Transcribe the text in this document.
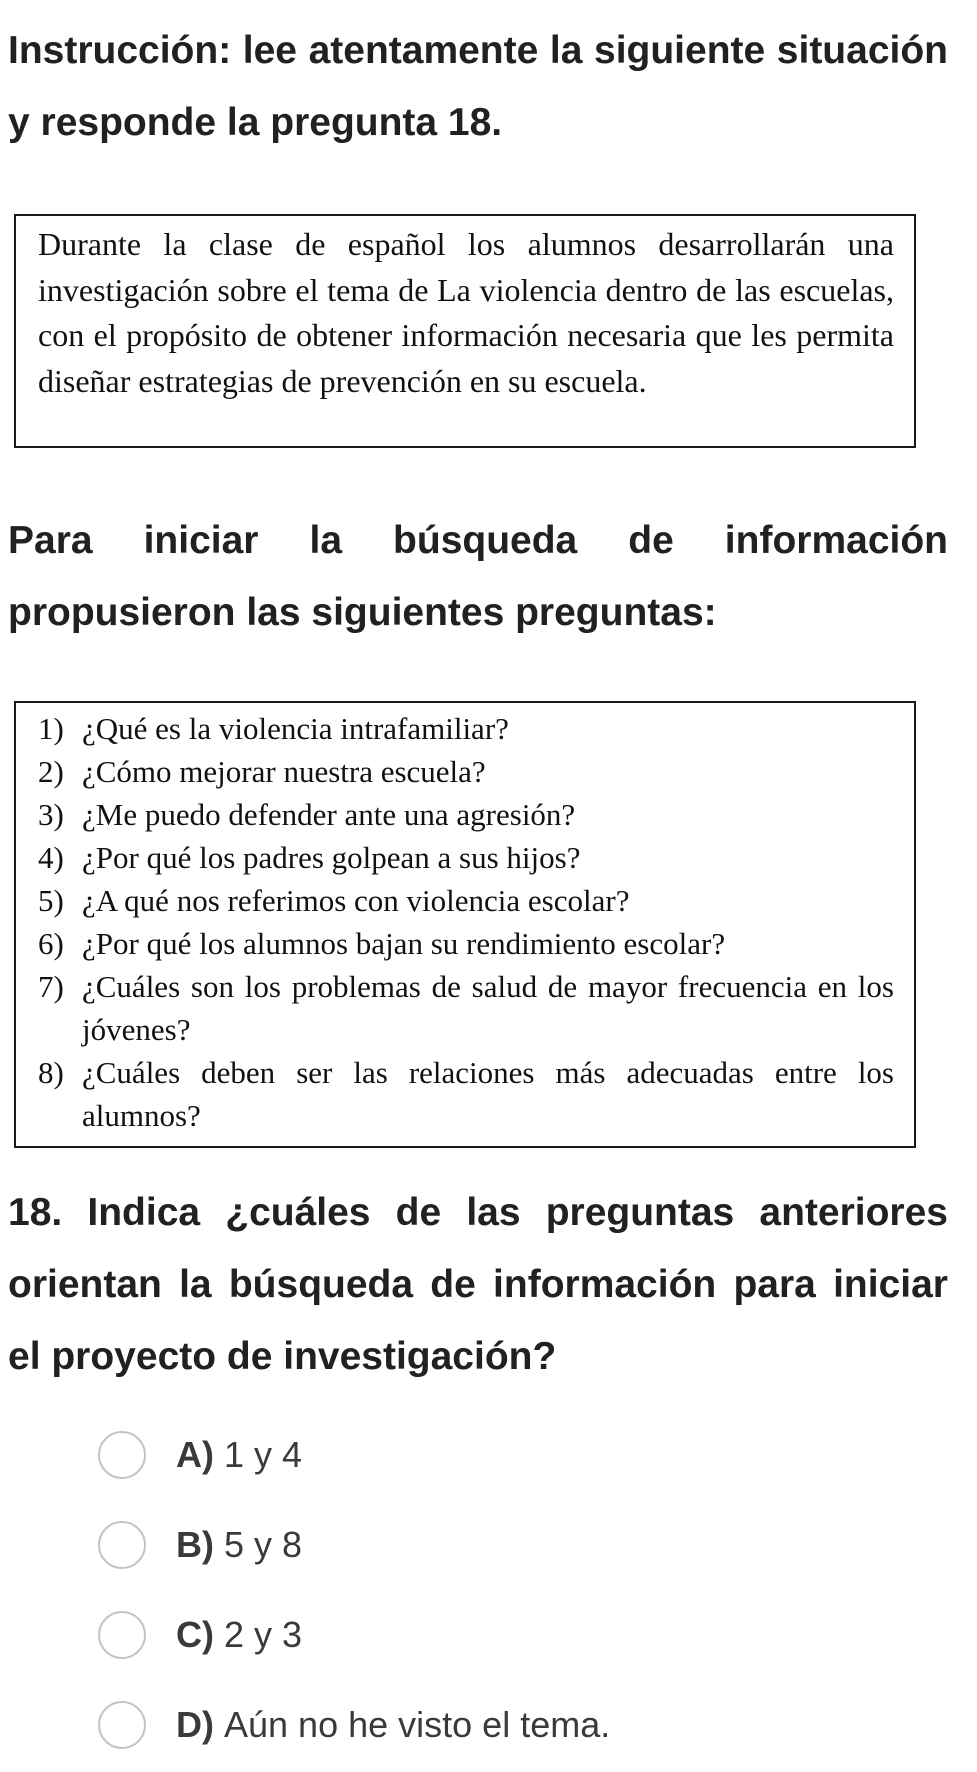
Instrucción: lee atentamente la siguiente situación y responde la pregunta 18.

Durante la clase de español los alumnos desarrollarán una investigación sobre el tema de La violencia dentro de las escuelas, con el propósito de obtener información necesaria que les permita diseñar estrategias de prevención en su escuela.

Para iniciar la búsqueda de información propusieron las siguientes preguntas:

1) ¿Qué es la violencia intrafamiliar?
2) ¿Cómo mejorar nuestra escuela?
3) ¿Me puedo defender ante una agresión?
4) ¿Por qué los padres golpean a sus hijos?
5) ¿A qué nos referimos con violencia escolar?
6) ¿Por qué los alumnos bajan su rendimiento escolar?
7) ¿Cuáles son los problemas de salud de mayor frecuencia en los jóvenes?
8) ¿Cuáles deben ser las relaciones más adecuadas entre los alumnos?

18. Indica ¿cuáles de las preguntas anteriores orientan la búsqueda de información para iniciar el proyecto de investigación?

A) 1 y 4
B) 5 y 8
C) 2 y 3
D) Aún no he visto el tema.
